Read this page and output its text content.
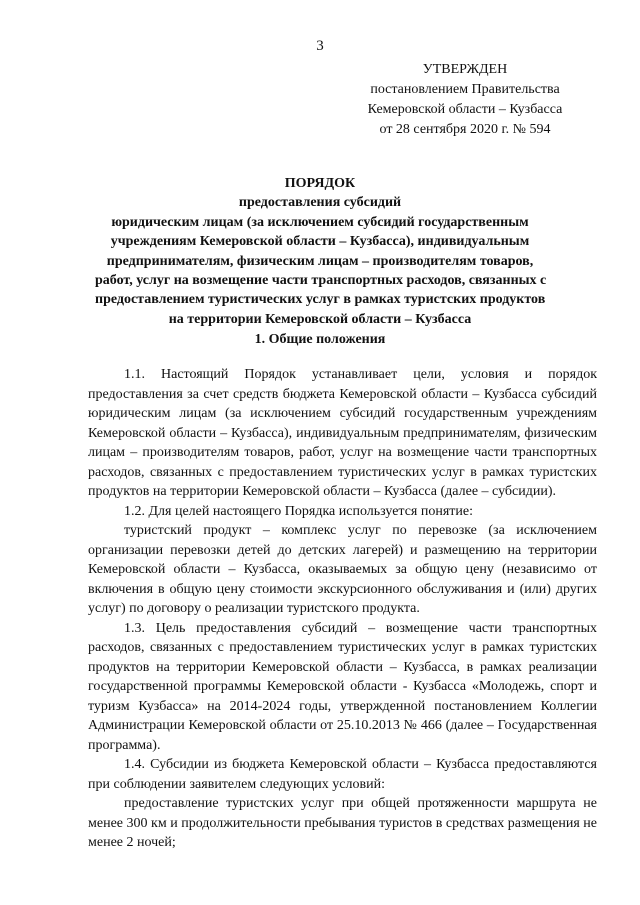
3
УТВЕРЖДЕН
постановлением Правительства
Кемеровской области – Кузбасса
от 28 сентября 2020 г. № 594
ПОРЯДОК
предоставления субсидий
юридическим лицам (за исключением субсидий государственным
учреждениям Кемеровской области – Кузбасса), индивидуальным
предпринимателям, физическим лицам – производителям товаров,
работ, услуг на возмещение части транспортных расходов, связанных с
предоставлением туристических услуг в рамках туристских продуктов
на территории Кемеровской области – Кузбасса
1. Общие положения

1.1. Настоящий Порядок устанавливает цели, условия и порядок предоставления за счет средств бюджета Кемеровской области – Кузбасса субсидий юридическим лицам (за исключением субсидий государственным учреждениям Кемеровской области – Кузбасса), индивидуальным предпринимателям, физическим лицам – производителям товаров, работ, услуг на возмещение части транспортных расходов, связанных с предоставлением туристических услуг в рамках туристских продуктов на территории Кемеровской области – Кузбасса (далее – субсидии).

1.2. Для целей настоящего Порядка используется понятие:

туристский продукт – комплекс услуг по перевозке (за исключением организации перевозки детей до детских лагерей) и размещению на территории Кемеровской области – Кузбасса, оказываемых за общую цену (независимо от включения в общую цену стоимости экскурсионного обслуживания и (или) других услуг) по договору о реализации туристского продукта.

1.3. Цель предоставления субсидий – возмещение части транспортных расходов, связанных с предоставлением туристических услуг в рамках туристских продуктов на территории Кемеровской области – Кузбасса, в рамках реализации государственной программы Кемеровской области - Кузбасса «Молодежь, спорт и туризм Кузбасса» на 2014-2024 годы, утвержденной постановлением Коллегии Администрации Кемеровской области от 25.10.2013 № 466 (далее – Государственная программа).

1.4. Субсидии из бюджета Кемеровской области – Кузбасса предоставляются при соблюдении заявителем следующих условий:

предоставление туристских услуг при общей протяженности маршрута не менее 300 км и продолжительности пребывания туристов в средствах размещения не менее 2 ночей;
